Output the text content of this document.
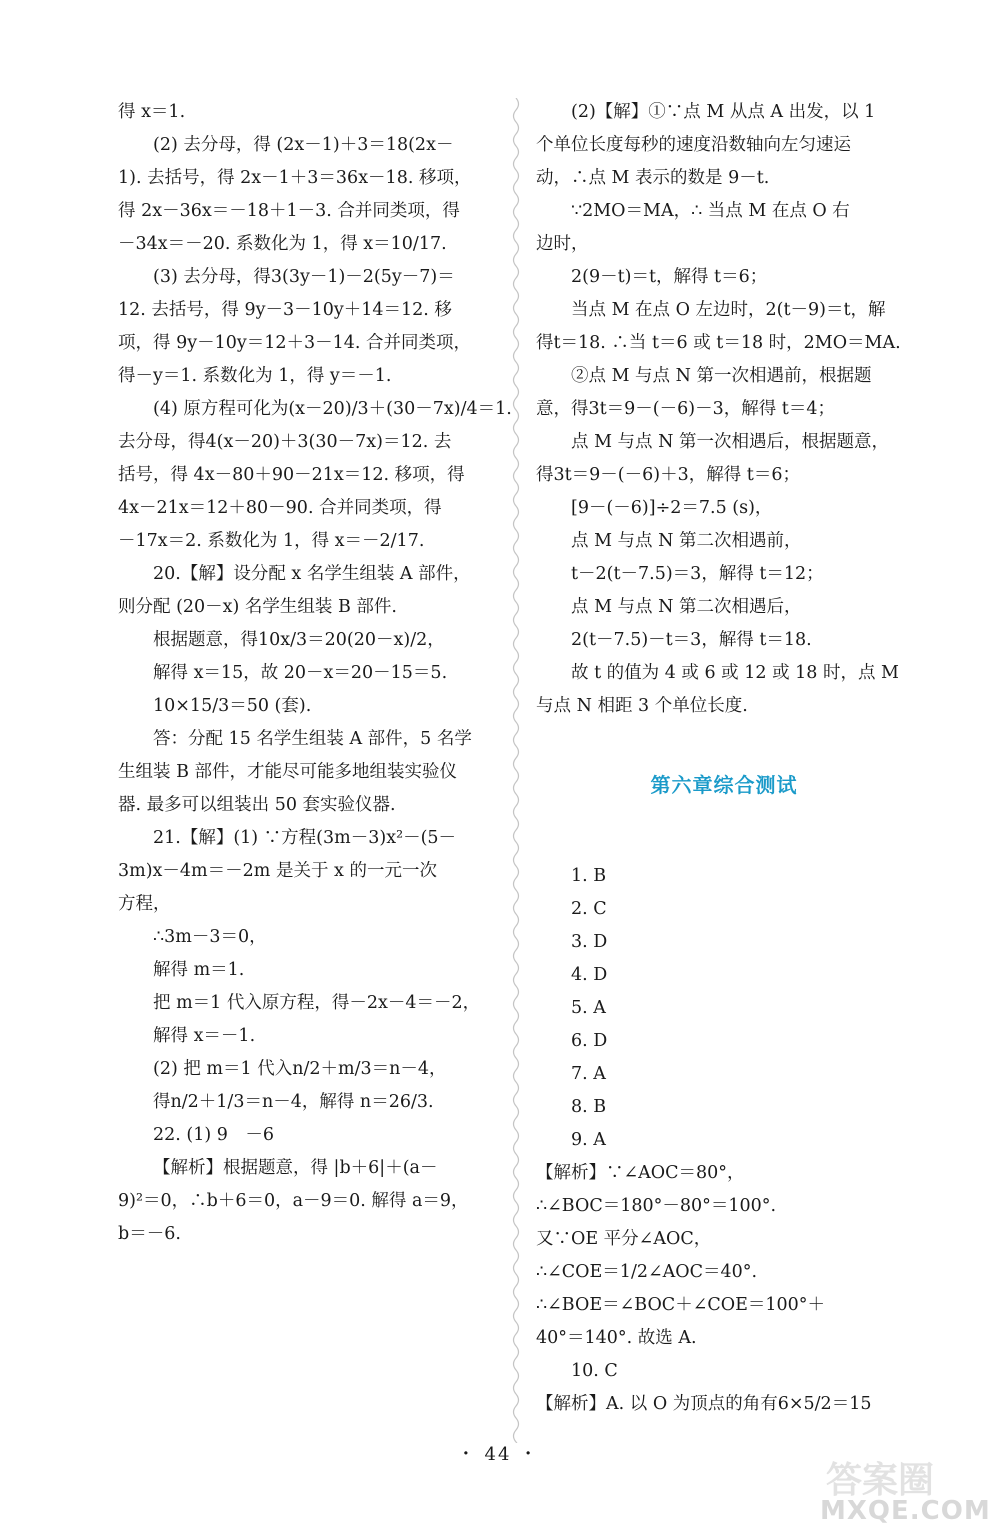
得 x＝1.
(2) 去分母，得 (2x－1)＋3＝18(2x－
1). 去括号，得 2x－1＋3＝36x－18. 移项，
得 2x－36x＝－18＋1－3. 合并同类项，得
－34x＝－20. 系数化为 1，得 x＝10/17.
(3) 去分母，得3(3y－1)－2(5y－7)＝
12. 去括号，得 9y－3－10y＋14＝12. 移
项，得 9y－10y＝12＋3－14. 合并同类项，
得－y＝1. 系数化为 1，得 y＝－1.
(4) 原方程可化为(x－20)/3＋(30－7x)/4＝1.
去分母，得4(x－20)＋3(30－7x)＝12. 去
括号，得 4x－80＋90－21x＝12. 移项，得
4x－21x＝12＋80－90. 合并同类项，得
－17x＝2. 系数化为 1，得 x＝－2/17.
20.【解】设分配 x 名学生组装 A 部件，
则分配 (20－x) 名学生组装 B 部件.
根据题意，得10x/3＝20(20－x)/2，
解得 x＝15，故 20－x＝20－15＝5.
10×15/3＝50 (套).
答：分配 15 名学生组装 A 部件，5 名学
生组装 B 部件，才能尽可能多地组装实验仪
器. 最多可以组装出 50 套实验仪器.
21.【解】(1) ∵方程(3m－3)x²－(5－
3m)x－4m＝－2m 是关于 x 的一元一次
方程，
∴3m－3＝0，
解得 m＝1.
把 m＝1 代入原方程，得－2x－4＝－2，
解得 x＝－1.
(2) 把 m＝1 代入n/2＋m/3＝n－4，
得n/2＋1/3＝n－4，解得 n＝26/3.
22. (1) 9　－6
【解析】根据题意，得 |b＋6|＋(a－
9)²＝0，∴b＋6＝0，a－9＝0. 解得 a＝9，
b＝－6.
(2)【解】①∵点 M 从点 A 出发，以 1
个单位长度每秒的速度沿数轴向左匀速运
动，∴点 M 表示的数是 9－t.
∵2MO＝MA，∴ 当点 M 在点 O 右
边时，
2(9－t)＝t，解得 t＝6；
当点 M 在点 O 左边时，2(t－9)＝t，解
得t＝18. ∴当 t＝6 或 t＝18 时，2MO＝MA.
②点 M 与点 N 第一次相遇前，根据题
意，得3t＝9－(－6)－3，解得 t＝4；
点 M 与点 N 第一次相遇后，根据题意，
得3t＝9－(－6)＋3，解得 t＝6；
[9－(－6)]÷2＝7.5 (s)，
点 M 与点 N 第二次相遇前，
t－2(t－7.5)＝3，解得 t＝12；
点 M 与点 N 第二次相遇后，
2(t－7.5)－t＝3，解得 t＝18.
故 t 的值为 4 或 6 或 12 或 18 时，点 M
与点 N 相距 3 个单位长度.
第六章综合测试
1. B
2. C
3. D
4. D
5. A
6. D
7. A
8. B
9. A
【解析】∵∠AOC＝80°，
∴∠BOC＝180°－80°＝100°.
又∵OE 平分∠AOC，
∴∠COE＝1/2∠AOC＝40°.
∴∠BOE＝∠BOC＋∠COE＝100°＋
40°＝140°. 故选 A.
10. C
【解析】A. 以 O 为顶点的角有6×5/2＝15
・ 44 ・
答案圈
MXQE.COM
